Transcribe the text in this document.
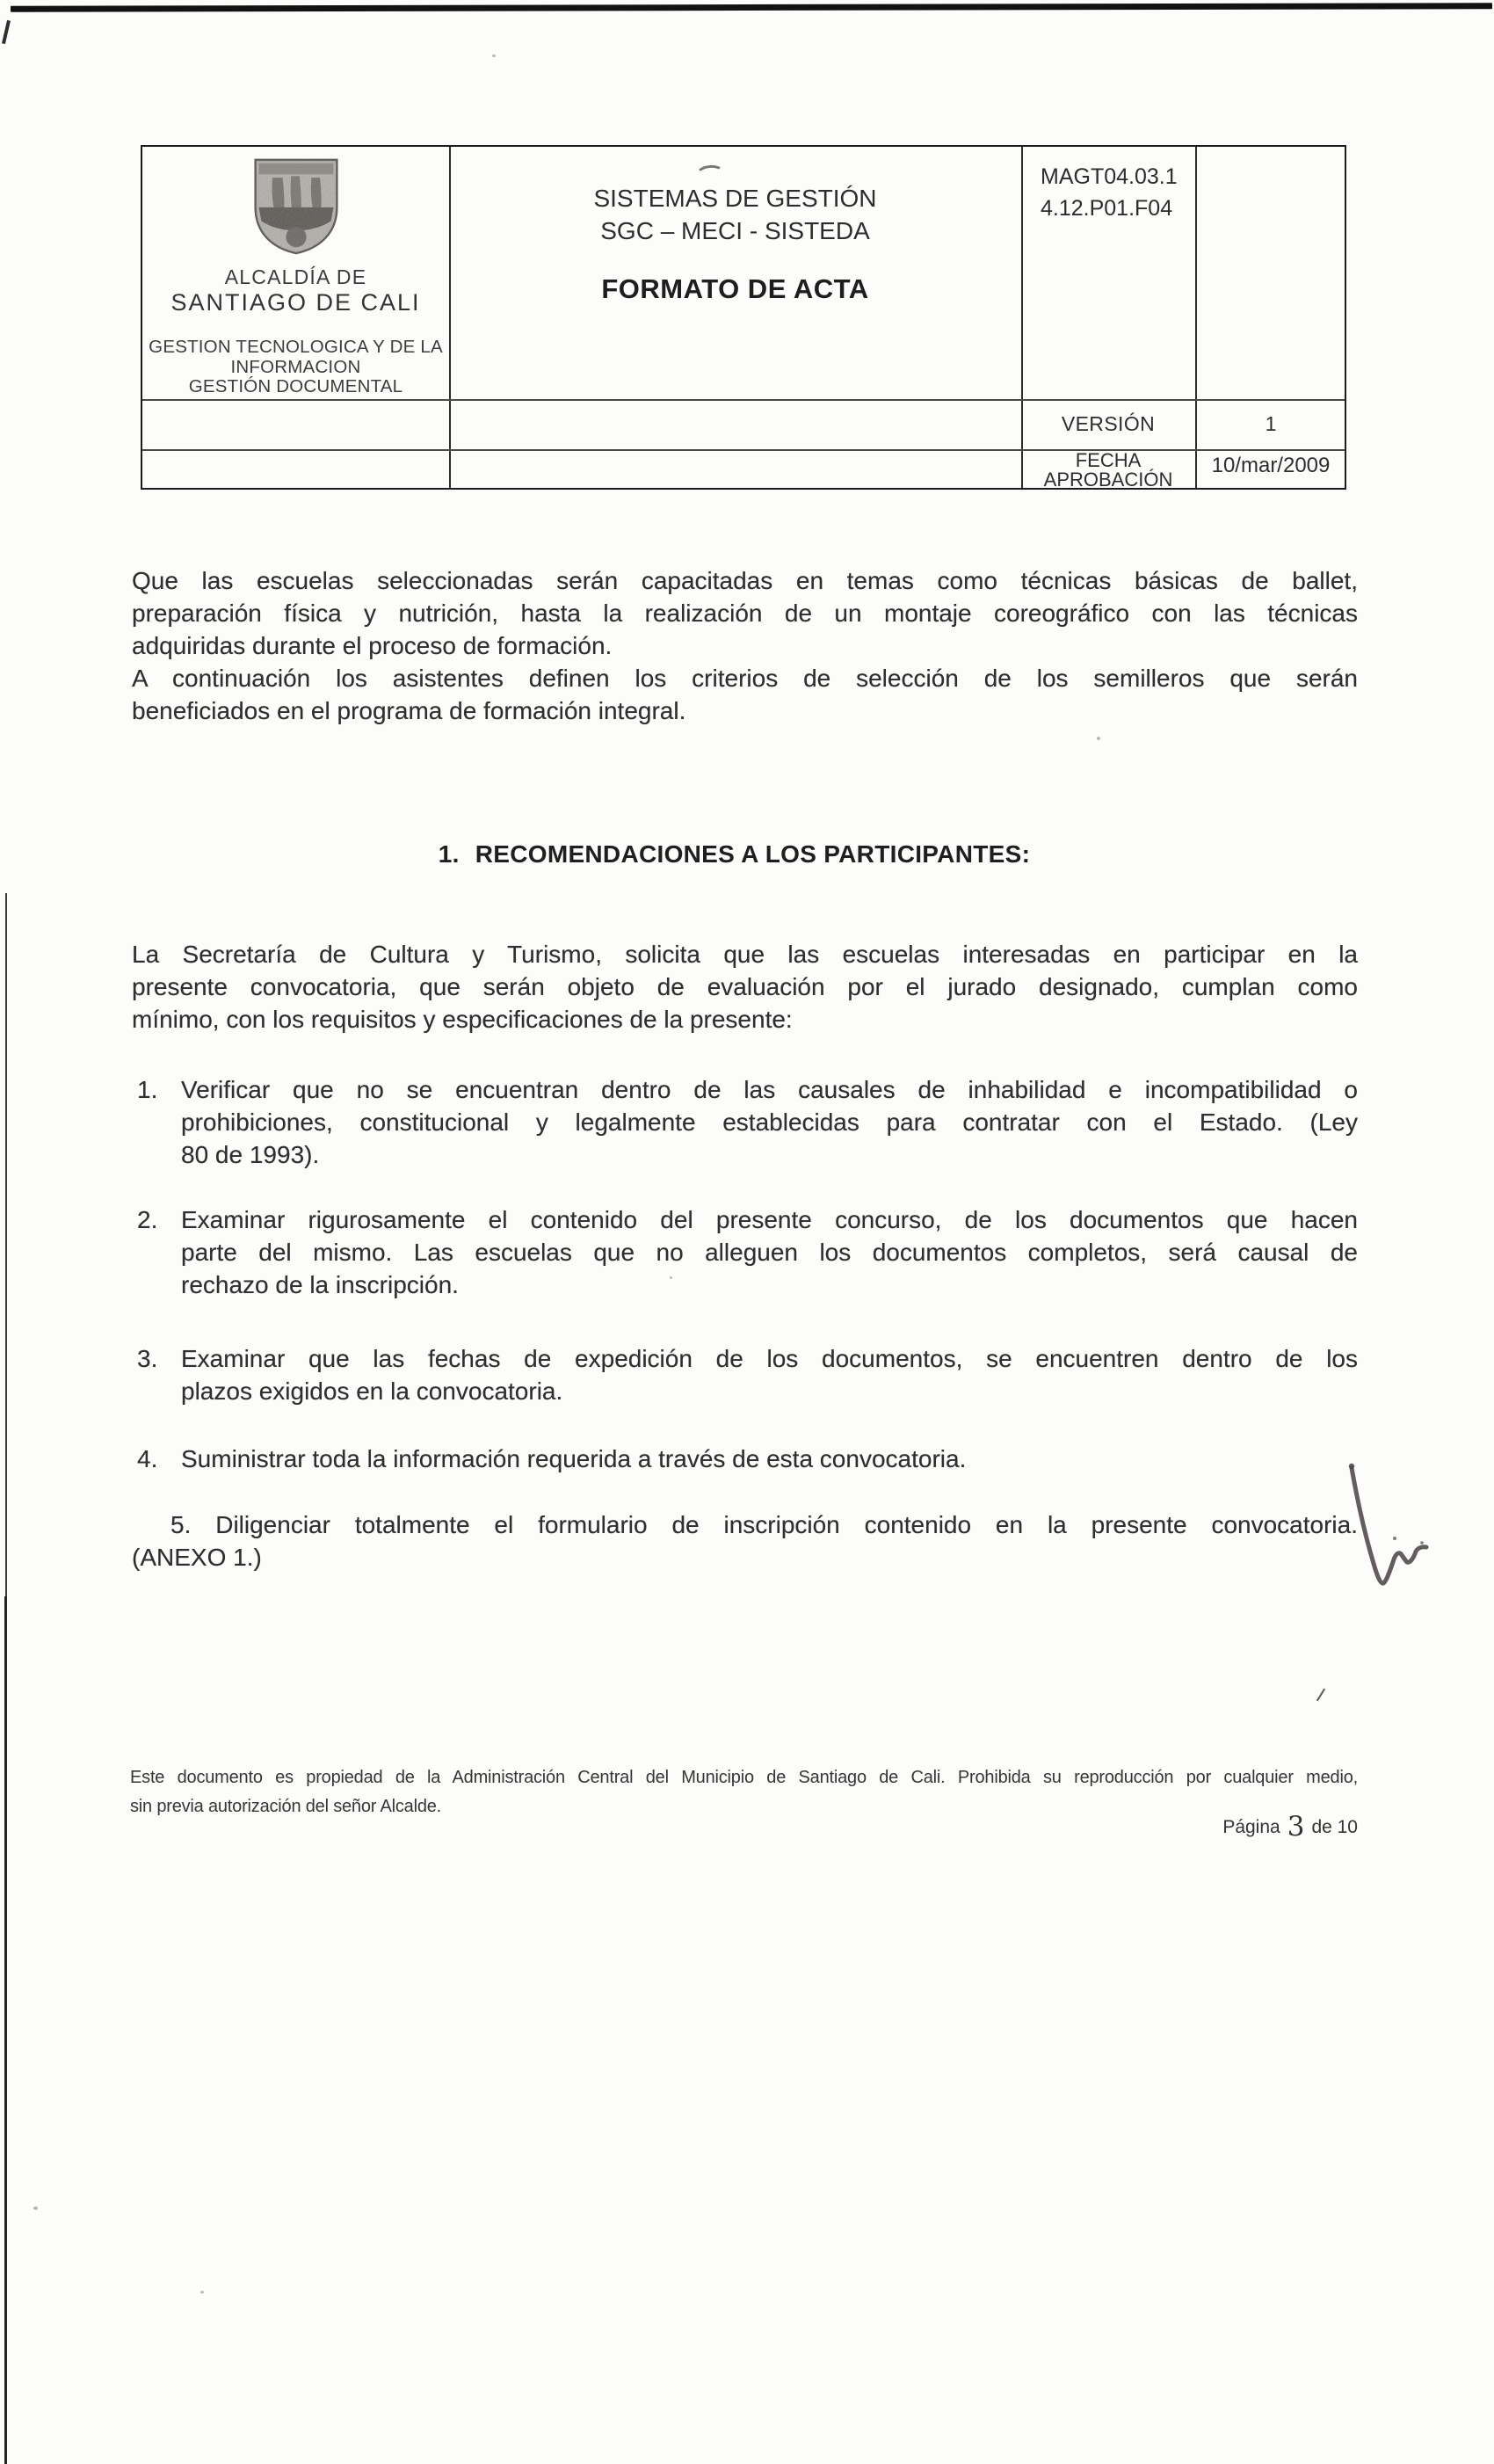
ALCALDÍA DE
SANTIAGO DE CALI
GESTION TECNOLOGICA Y DE LA
INFORMACION
GESTIÓN DOCUMENTAL
SISTEMAS DE GESTIÓN
SGC – MECI - SISTEDA
FORMATO DE ACTA
MAGT04.03.1
4.12.P01.F04
VERSIÓN	1
FECHA
APROBACIÓN
10/mar/2009
Que las escuelas seleccionadas serán capacitadas en temas como técnicas básicas de ballet,
preparación física y nutrición, hasta la realización de un montaje coreográfico con las técnicas
adquiridas durante el proceso de formación.
A continuación los asistentes definen los criterios de selección de los semilleros que serán
beneficiados en el programa de formación integral.
1. RECOMENDACIONES A LOS PARTICIPANTES:
La Secretaría de Cultura y Turismo, solicita que las escuelas interesadas en participar en la
presente convocatoria, que serán objeto de evaluación por el jurado designado, cumplan como
mínimo, con los requisitos y especificaciones de la presente:
1. Verificar que no se encuentran dentro de las causales de inhabilidad e incompatibilidad o
prohibiciones, constitucional y legalmente establecidas para contratar con el Estado. (Ley
80 de 1993).
2. Examinar rigurosamente el contenido del presente concurso, de los documentos que hacen
parte del mismo. Las escuelas que no alleguen los documentos completos, será causal de
rechazo de la inscripción.
3. Examinar que las fechas de expedición de los documentos, se encuentren dentro de los
plazos exigidos en la convocatoria.
4. Suministrar toda la información requerida a través de esta convocatoria.
5. Diligenciar totalmente el formulario de inscripción contenido en la presente convocatoria.
(ANEXO 1.)
Este documento es propiedad de la Administración Central del Municipio de Santiago de Cali. Prohibida su reproducción por cualquier medio,
sin previa autorización del señor Alcalde.
Página 3 de 10
